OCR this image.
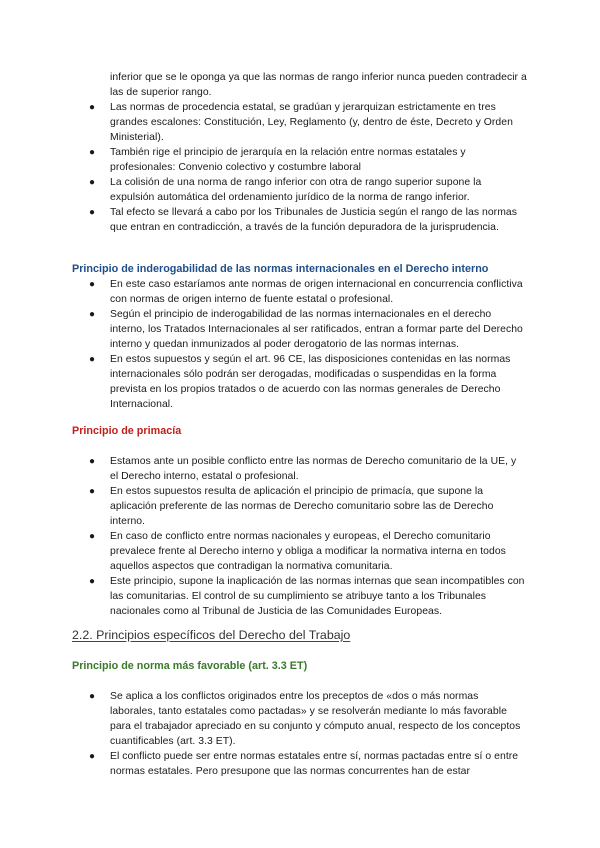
inferior que se le oponga ya que las normas de rango inferior nunca pueden contradecir a las de superior rango.
● Las normas de procedencia estatal, se gradúan y jerarquizan estrictamente en tres grandes escalones: Constitución, Ley, Reglamento (y, dentro de éste, Decreto y Orden Ministerial).
● También rige el principio de jerarquía en la relación entre normas estatales y profesionales: Convenio colectivo y costumbre laboral
● La colisión de una norma de rango inferior con otra de rango superior supone la expulsión automática del ordenamiento jurídico de la norma de rango inferior.
● Tal efecto se llevará a cabo por los Tribunales de Justicia según el rango de las normas que entran en contradicción, a través de la función depuradora de la jurisprudencia.
Principio de inderogabilidad de las normas internacionales en el Derecho interno
● En este caso estaríamos ante normas de origen internacional en concurrencia conflictiva con normas de origen interno de fuente estatal o profesional.
● Según el principio de inderogabilidad de las normas internacionales en el derecho interno, los Tratados Internacionales al ser ratificados, entran a formar parte del Derecho interno y quedan inmunizados al poder derogatorio de las normas internas.
● En estos supuestos y según el art. 96 CE, las disposiciones contenidas en las normas internacionales sólo podrán ser derogadas, modificadas o suspendidas en la forma prevista en los propios tratados o de acuerdo con las normas generales de Derecho Internacional.
Principio de primacía
● Estamos ante un posible conflicto entre las normas de Derecho comunitario de la UE, y el Derecho interno, estatal o profesional.
● En estos supuestos resulta de aplicación el principio de primacía, que supone la aplicación preferente de las normas de Derecho comunitario sobre las de Derecho interno.
● En caso de conflicto entre normas nacionales y europeas, el Derecho comunitario prevalece frente al Derecho interno y obliga a modificar la normativa interna en todos aquellos aspectos que contradigan la normativa comunitaria.
● Este principio, supone la inaplicación de las normas internas que sean incompatibles con las comunitarias. El control de su cumplimiento se atribuye tanto a los Tribunales nacionales como al Tribunal de Justicia de las Comunidades Europeas.
2.2. Principios específicos del Derecho del Trabajo
Principio de norma más favorable (art. 3.3 ET)
● Se aplica a los conflictos originados entre los preceptos de «dos o más normas laborales, tanto estatales como pactadas» y se resolverán mediante lo más favorable para el trabajador apreciado en su conjunto y cómputo anual, respecto de los conceptos cuantificables (art. 3.3 ET).
● El conflicto puede ser entre normas estatales entre sí, normas pactadas entre sí o entre normas estatales. Pero presupone que las normas concurrentes han de estar
